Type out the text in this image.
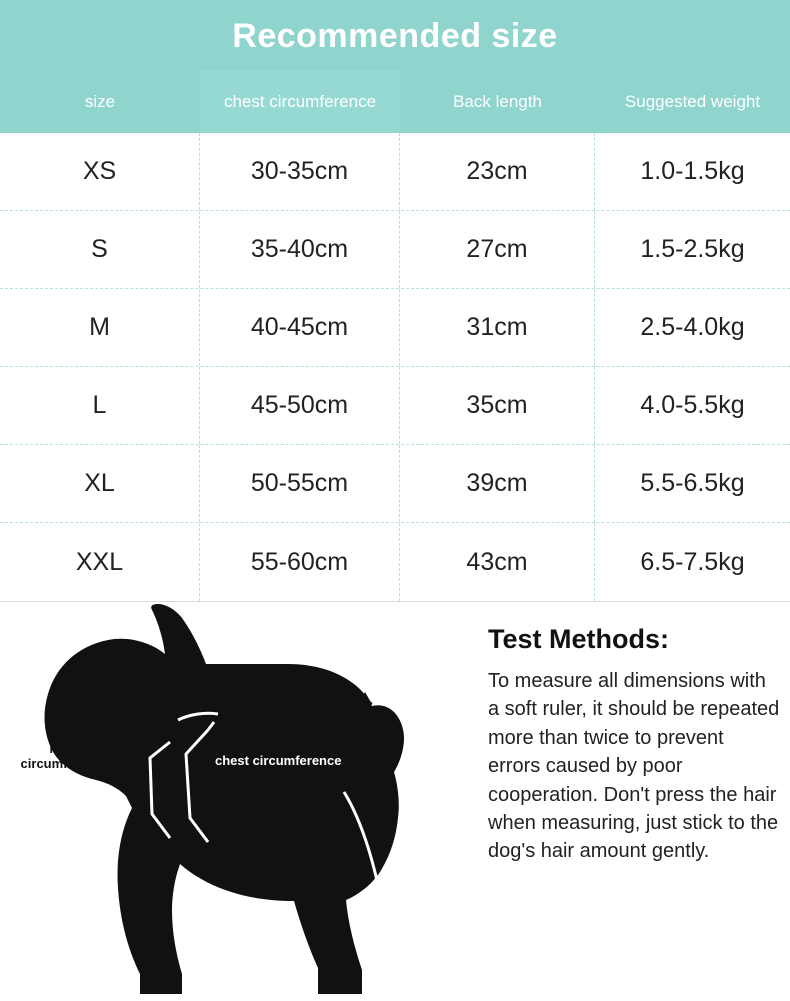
Recommended size
size	chest circumference	Back length	Suggested weight
XS	30-35cm	23cm	1.0-1.5kg
S	35-40cm	27cm	1.5-2.5kg
M	40-45cm	31cm	2.5-4.0kg
L	45-50cm	35cm	4.0-5.5kg
XL	50-55cm	39cm	5.5-6.5kg
XXL	55-60cm	43cm	6.5-7.5kg
Back length
Neck
circumference	chest circumference
Test Methods:
To measure all dimensions with a soft ruler, it should be repeated more than twice to prevent errors caused by poor cooperation. Don't press the hair when measuring, just stick to the dog's hair amount gently.
